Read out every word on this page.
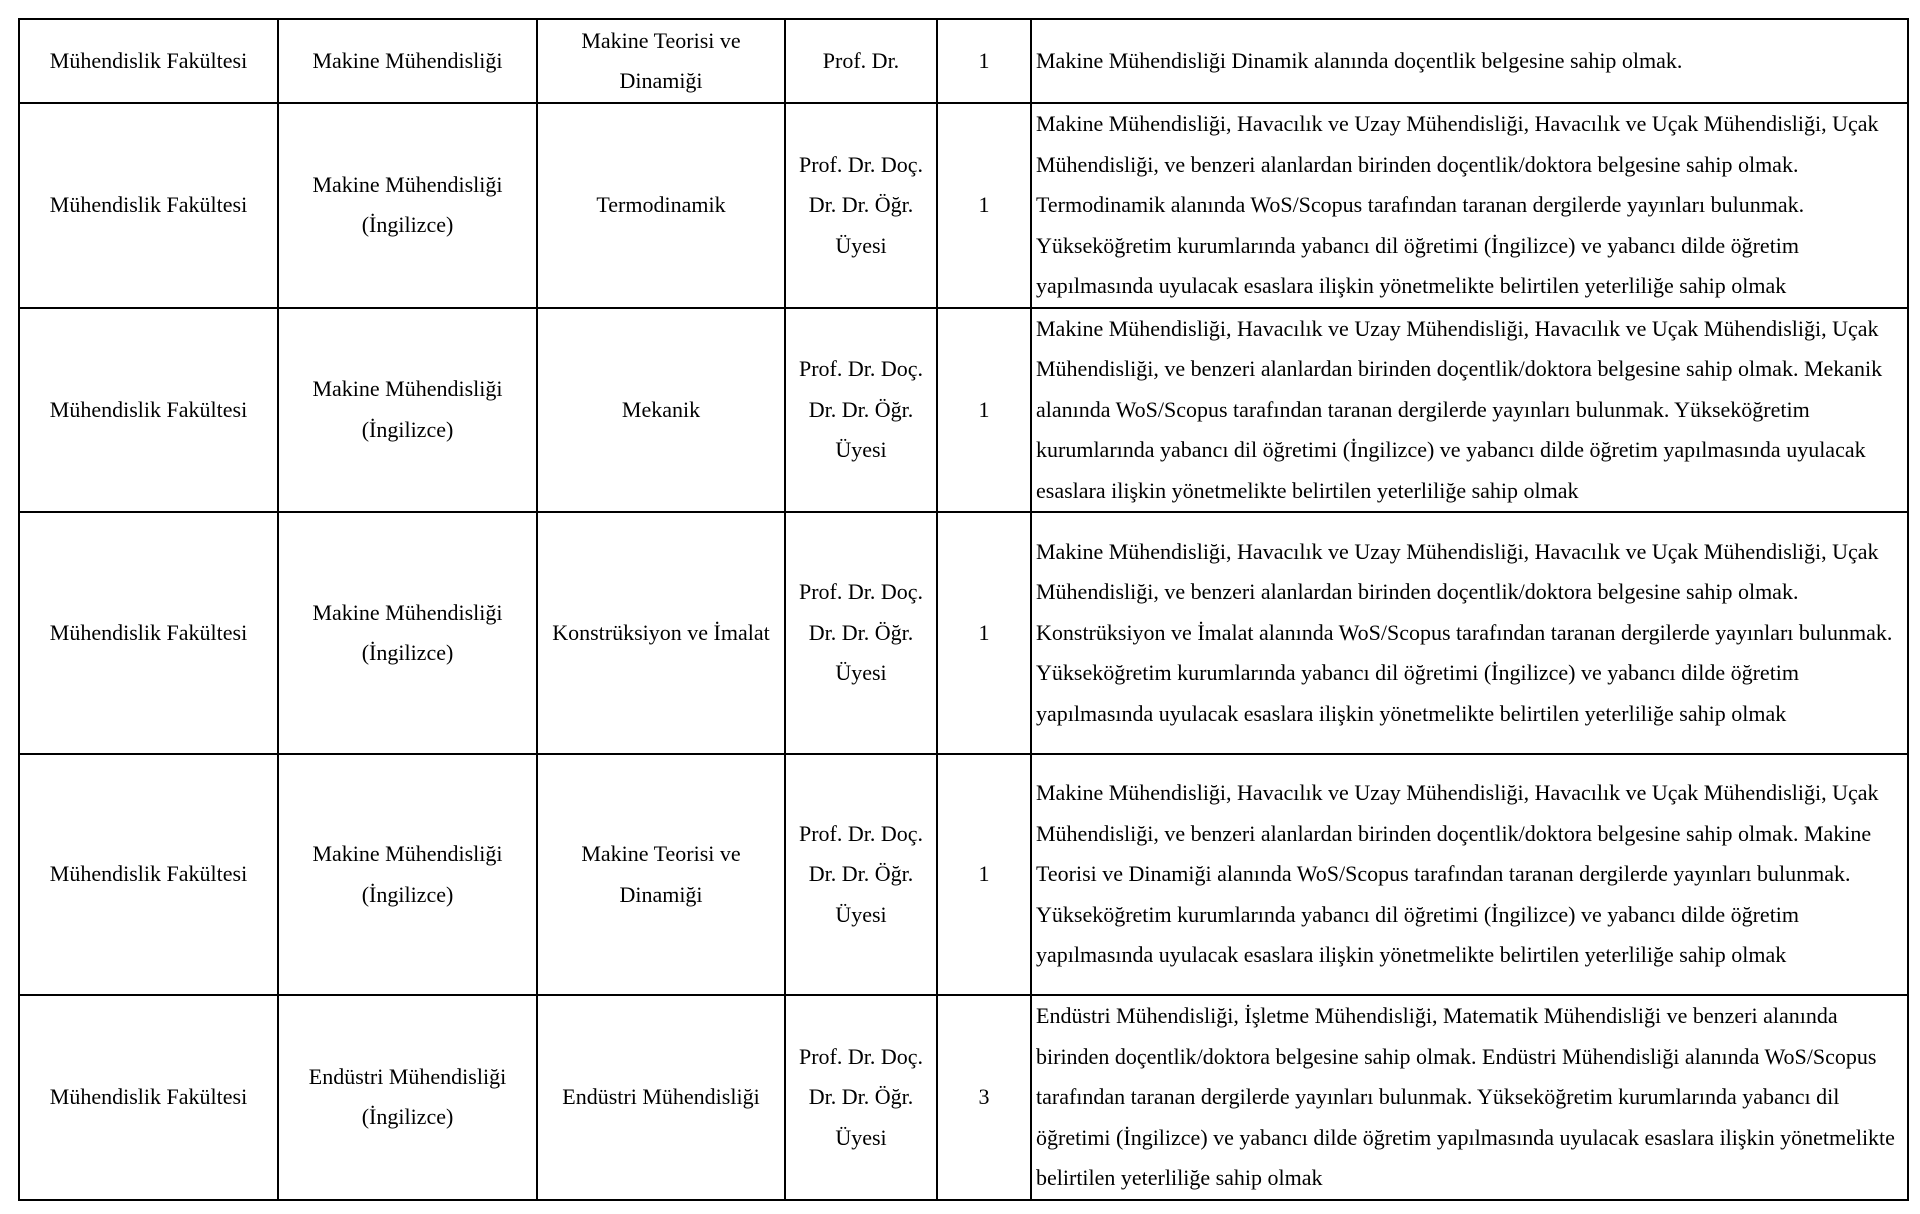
Mühendislik Fakültesi	Makine Mühendisliği	Makine Teorisi ve Dinamiği	Prof. Dr.	1	Makine Mühendisliği Dinamik alanında doçentlik belgesine sahip olmak.
Mühendislik Fakültesi	Makine Mühendisliği (İngilizce)	Termodinamik	Prof. Dr. Doç. Dr. Dr. Öğr. Üyesi	1	Makine Mühendisliği, Havacılık ve Uzay Mühendisliği, Havacılık ve Uçak Mühendisliği, Uçak Mühendisliği, ve benzeri alanlardan birinden doçentlik/doktora belgesine sahip olmak. Termodinamik alanında WoS/Scopus tarafından taranan dergilerde yayınları bulunmak. Yükseköğretim kurumlarında yabancı dil öğretimi (İngilizce) ve yabancı dilde öğretim yapılmasında uyulacak esaslara ilişkin yönetmelikte belirtilen yeterliliğe sahip olmak
Mühendislik Fakültesi	Makine Mühendisliği (İngilizce)	Mekanik	Prof. Dr. Doç. Dr. Dr. Öğr. Üyesi	1	Makine Mühendisliği, Havacılık ve Uzay Mühendisliği, Havacılık ve Uçak Mühendisliği, Uçak Mühendisliği, ve benzeri alanlardan birinden doçentlik/doktora belgesine sahip olmak. Mekanik alanında WoS/Scopus tarafından taranan dergilerde yayınları bulunmak. Yükseköğretim kurumlarında yabancı dil öğretimi (İngilizce) ve yabancı dilde öğretim yapılmasında uyulacak esaslara ilişkin yönetmelikte belirtilen yeterliliğe sahip olmak
Mühendislik Fakültesi	Makine Mühendisliği (İngilizce)	Konstrüksiyon ve İmalat	Prof. Dr. Doç. Dr. Dr. Öğr. Üyesi	1	Makine Mühendisliği, Havacılık ve Uzay Mühendisliği, Havacılık ve Uçak Mühendisliği, Uçak Mühendisliği, ve benzeri alanlardan birinden doçentlik/doktora belgesine sahip olmak. Konstrüksiyon ve İmalat alanında WoS/Scopus tarafından taranan dergilerde yayınları bulunmak. Yükseköğretim kurumlarında yabancı dil öğretimi (İngilizce) ve yabancı dilde öğretim yapılmasında uyulacak esaslara ilişkin yönetmelikte belirtilen yeterliliğe sahip olmak
Mühendislik Fakültesi	Makine Mühendisliği (İngilizce)	Makine Teorisi ve Dinamiği	Prof. Dr. Doç. Dr. Dr. Öğr. Üyesi	1	Makine Mühendisliği, Havacılık ve Uzay Mühendisliği, Havacılık ve Uçak Mühendisliği, Uçak Mühendisliği, ve benzeri alanlardan birinden doçentlik/doktora belgesine sahip olmak. Makine Teorisi ve Dinamiği alanında WoS/Scopus tarafından taranan dergilerde yayınları bulunmak. Yükseköğretim kurumlarında yabancı dil öğretimi (İngilizce) ve yabancı dilde öğretim yapılmasında uyulacak esaslara ilişkin yönetmelikte belirtilen yeterliliğe sahip olmak
Mühendislik Fakültesi	Endüstri Mühendisliği (İngilizce)	Endüstri Mühendisliği	Prof. Dr. Doç. Dr. Dr. Öğr. Üyesi	3	Endüstri Mühendisliği, İşletme Mühendisliği, Matematik Mühendisliği ve benzeri alanında birinden doçentlik/doktora belgesine sahip olmak. Endüstri Mühendisliği alanında WoS/Scopus tarafından taranan dergilerde yayınları bulunmak. Yükseköğretim kurumlarında yabancı dil öğretimi (İngilizce) ve yabancı dilde öğretim yapılmasında uyulacak esaslara ilişkin yönetmelikte belirtilen yeterliliğe sahip olmak
